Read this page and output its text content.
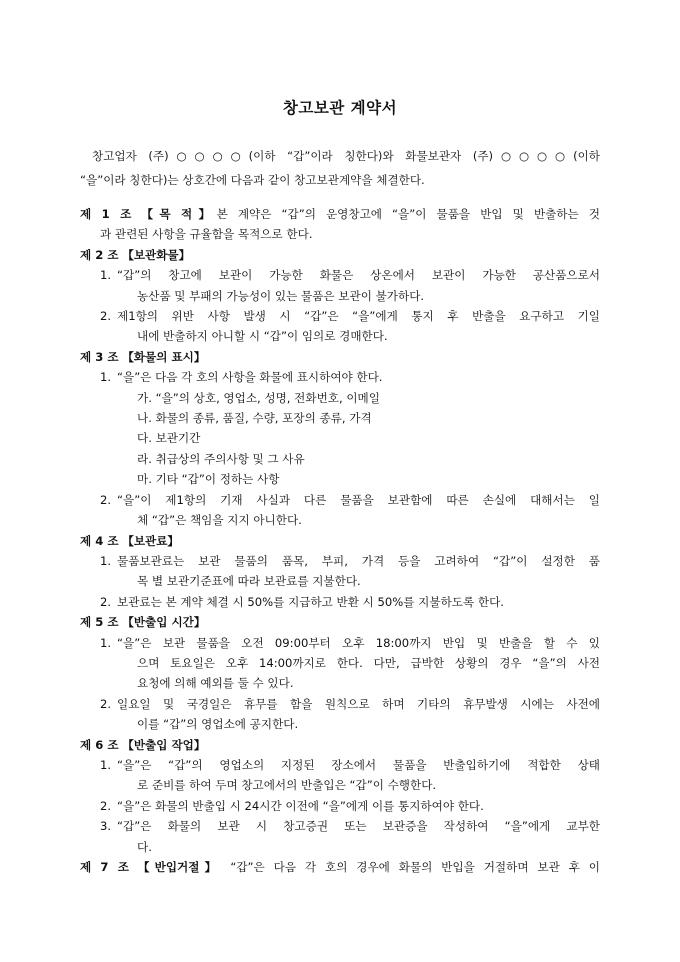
창고보관 계약서
창고업자 (주)○○○○(이하 “갑”이라 칭한다)와 화물보관자 (주)○○○○(이하
“을”이라 칭한다)는 상호간에 다음과 같이 창고보관계약을 체결한다.
제 1 조 【목 적】본 계약은 “갑”의 운영창고에 “을”이 물품을 반입 및 반출하는 것
과 관련된 사항을 규율함을 목적으로 한다.
제 2 조 【보관화물】
1. “갑”의 창고에 보관이 가능한 화물은 상온에서 보관이 가능한 공산품으로서
농산품 및 부패의 가능성이 있는 물품은 보관이 불가하다.
2. 제1항의 위반 사항 발생 시 “갑”은 “을”에게 통지 후 반출을 요구하고 기일
내에 반출하지 아니할 시 “갑”이 임의로 경매한다.
제 3 조 【화물의 표시】
1. “을”은 다음 각 호의 사항을 화물에 표시하여야 한다.
가. “을”의 상호, 영업소, 성명, 전화번호, 이메일
나. 화물의 종류, 품질, 수량, 포장의 종류, 가격
다. 보관기간
라. 취급상의 주의사항 및 그 사유
마. 기타 “갑”이 정하는 사항
2. “을”이 제1항의 기재 사실과 다른 물품을 보관함에 따른 손실에 대해서는 일
체 “갑”은 책임을 지지 아니한다.
제 4 조 【보관료】
1. 물품보관료는 보관 물품의 품목, 부피, 가격 등을 고려하여 “갑”이 설정한 품
목 별 보관기준표에 따라 보관료를 지불한다.
2. 보관료는 본 계약 체결 시 50%를 지급하고 반환 시 50%를 지불하도록 한다.
제 5 조 【반출입 시간】
1. “을”은 보관 물품을 오전 09:00부터 오후 18:00까지 반입 및 반출을 할 수 있
으며 토요일은 오후 14:00까지로 한다. 다만, 급박한 상황의 경우 “을”의 사전
요청에 의해 예외를 둘 수 있다.
2. 일요일 및 국경일은 휴무를 함을 원칙으로 하며 기타의 휴무발생 시에는 사전에
이를 “갑”의 영업소에 공지한다.
제 6 조 【반출입 작업】
1. “을”은 “갑”의 영업소의 지정된 장소에서 물품을 반출입하기에 적합한 상태
로 준비를 하여 두며 창고에서의 반출입은 “갑”이 수행한다.
2. “을”은 화물의 반출입 시 24시간 이전에 “을”에게 이를 통지하여야 한다.
3. “갑”은 화물의 보관 시 창고증권 또는 보관증을 작성하여 “을”에게 교부한
다.
제 7 조 【반입거절】 “갑”은 다음 각 호의 경우에 화물의 반입을 거절하며 보관 후 이
